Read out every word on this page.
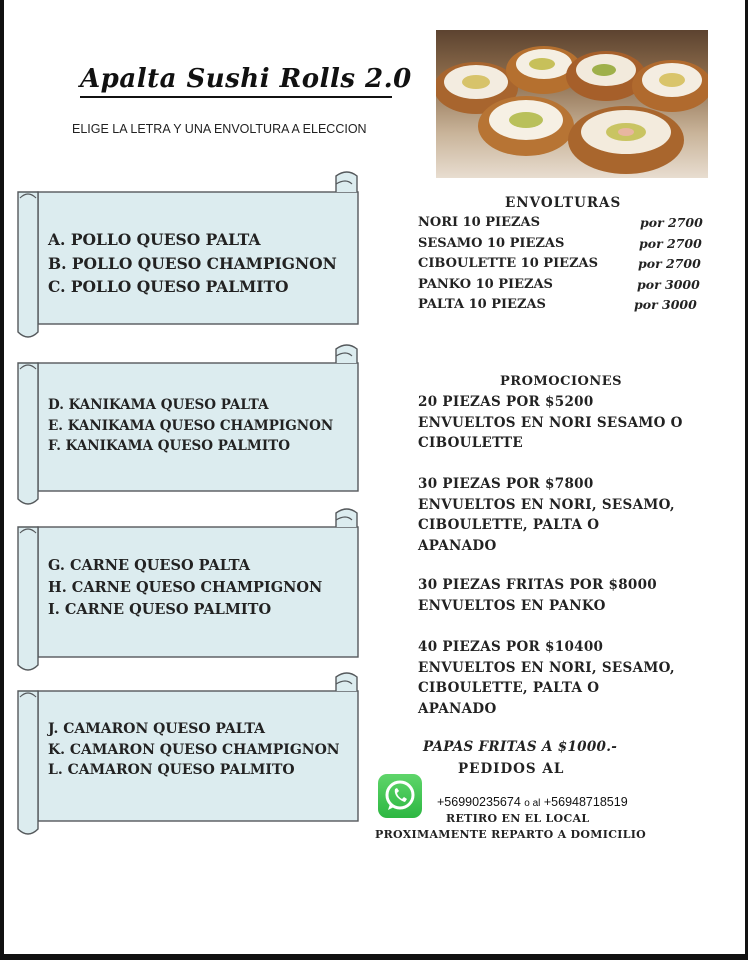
Apalta Sushi Rolls 2.0
ELIGE LA LETRA Y UNA ENVOLTURA A ELECCION
A. POLLO QUESO PALTA
B. POLLO QUESO CHAMPIGNON
C. POLLO QUESO PALMITO
D. KANIKAMA QUESO PALTA
E. KANIKAMA QUESO CHAMPIGNON
F. KANIKAMA QUESO PALMITO
G. CARNE QUESO PALTA
H. CARNE QUESO CHAMPIGNON
I. CARNE QUESO PALMITO
J. CAMARON QUESO PALTA
K. CAMARON QUESO CHAMPIGNON
L. CAMARON QUESO PALMITO
ENVOLTURAS
NORI 10 PIEZAS	por 2700
SESAMO 10 PIEZAS	por 2700
CIBOULETTE 10 PIEZAS	por 2700
PANKO 10 PIEZAS	por 3000
PALTA 10 PIEZAS	por 3000
PROMOCIONES
20 PIEZAS POR $5200
ENVUELTOS EN NORI SESAMO O
CIBOULETTE
30 PIEZAS POR $7800
ENVUELTOS EN NORI, SESAMO,
CIBOULETTE, PALTA O
APANADO
30 PIEZAS FRITAS POR $8000
ENVUELTOS EN PANKO
40 PIEZAS POR $10400
ENVUELTOS EN NORI, SESAMO,
CIBOULETTE, PALTA O
APANADO
PAPAS FRITAS A $1000.-
PEDIDOS AL
+56990235674 o al +56948718519
RETIRO EN EL LOCAL
PROXIMAMENTE REPARTO A DOMICILIO
